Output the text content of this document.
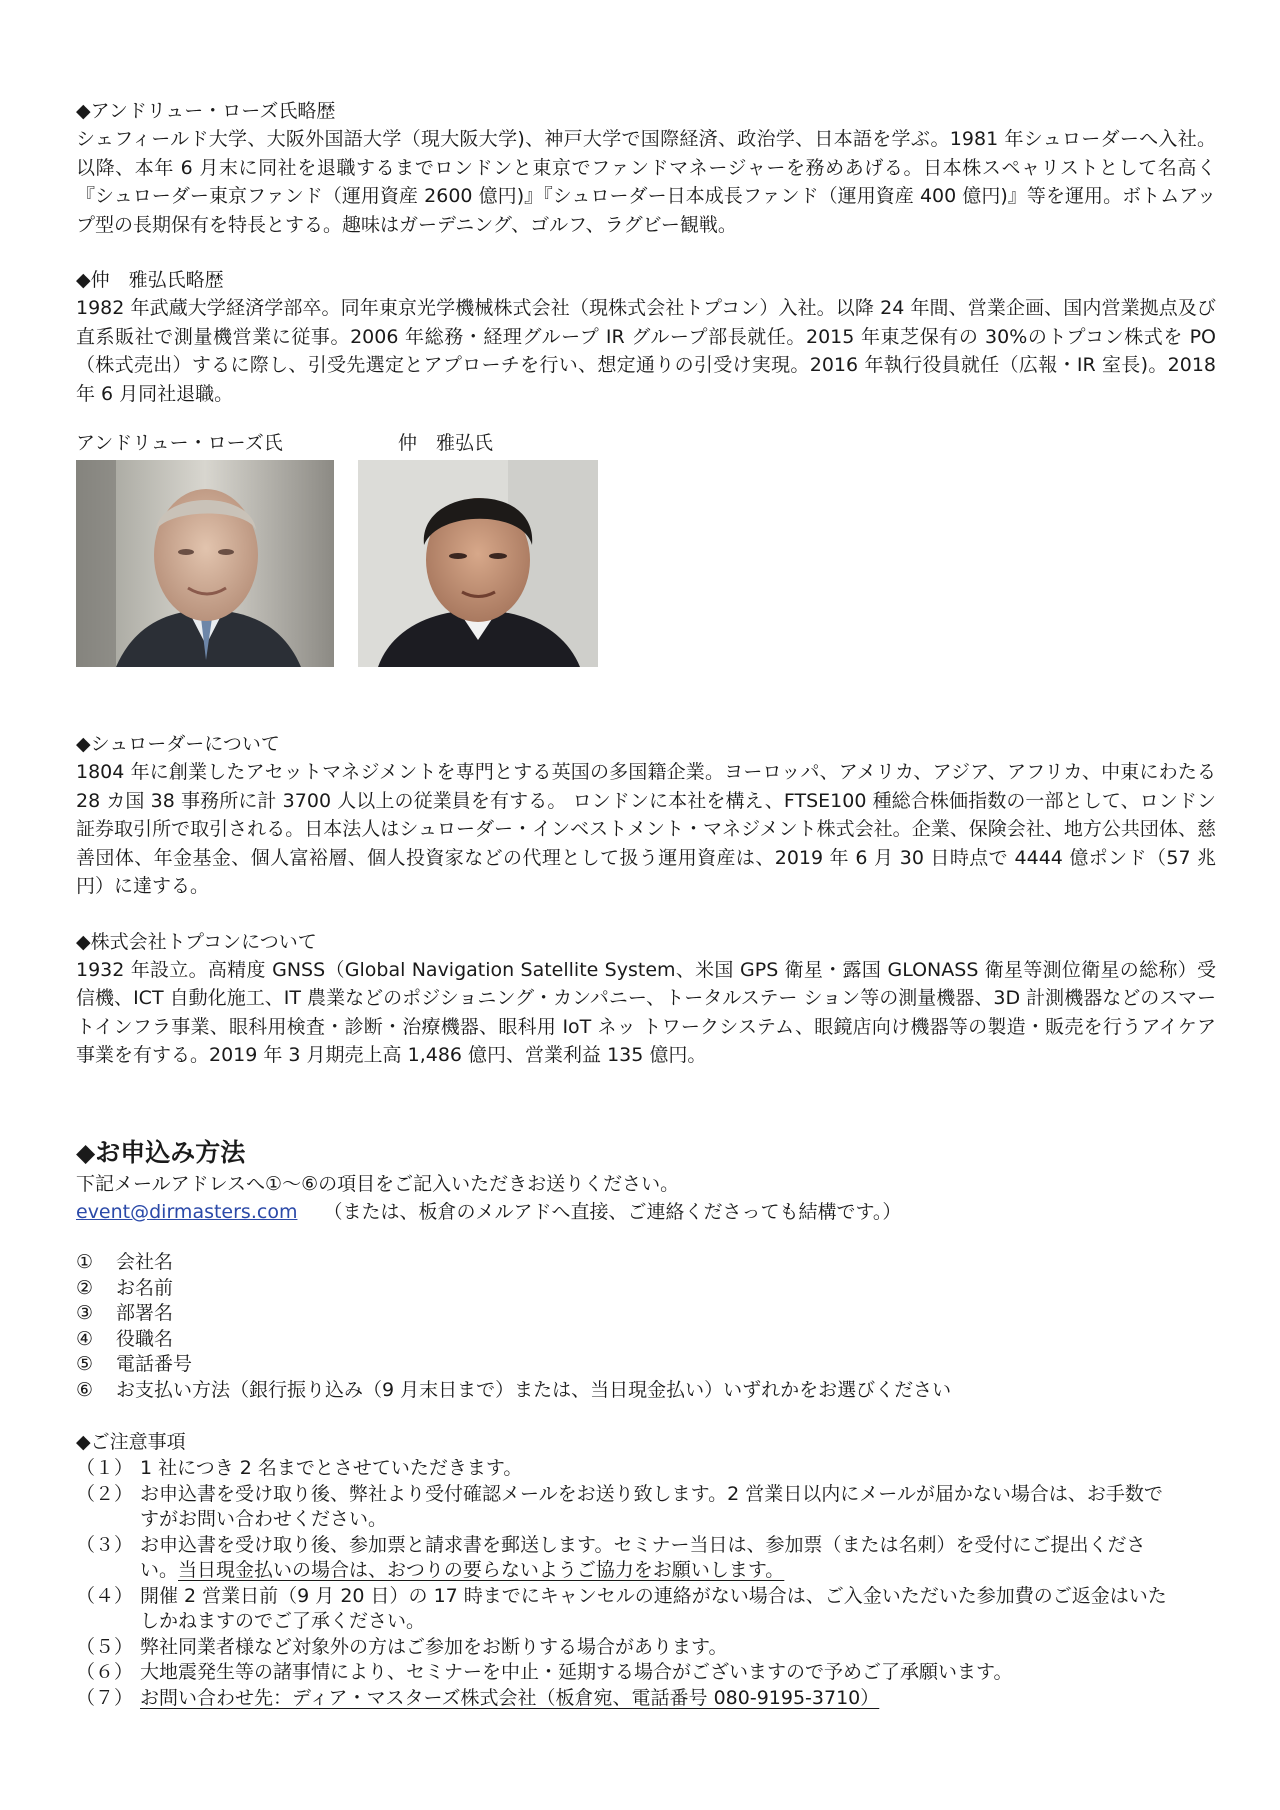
◆アンドリュー・ローズ氏略歴

シェフィールド大学、大阪外国語大学（現大阪大学)、神戸大学で国際経済、政治学、日本語を学ぶ。1981 年シュローダーへ入社。以降、本年 6 月末に同社を退職するまでロンドンと東京でファンドマネージャーを務めあげる。日本株スペャリストとして名高く『シュローダー東京ファンド（運用資産 2600 億円)』『シュローダー日本成長ファンド（運用資産 400 億円)』等を運用。ボトムアップ型の長期保有を特長とする。趣味はガーデニング、ゴルフ、ラグビー観戦。

◆仲　雅弘氏略歴

1982 年武蔵大学経済学部卒。同年東京光学機械株式会社（現株式会社トプコン）入社。以降 24 年間、営業企画、国内営業拠点及び直系販社で測量機営業に従事。2006 年総務・経理グループ IR グループ部長就任。2015 年東芝保有の 30%のトプコン株式を PO（株式売出）するに際し、引受先選定とアプローチを行い、想定通りの引受け実現。2016 年執行役員就任（広報・IR 室長)。2018 年 6 月同社退職。

アンドリュー・ローズ氏	仲　雅弘氏

◆シュローダーについて

1804 年に創業したアセットマネジメントを専門とする英国の多国籍企業。ヨーロッパ、アメリカ、アジア、アフリカ、中東にわたる 28 カ国 38 事務所に計 3700 人以上の従業員を有する。 ロンドンに本社を構え、FTSE100 種総合株価指数の一部として、ロンドン証券取引所で取引される。日本法人はシュローダー・インベストメント・マネジメント株式会社。企業、保険会社、地方公共団体、慈善団体、年金基金、個人富裕層、個人投資家などの代理として扱う運用資産は、2019 年 6 月 30 日時点で 4444 億ポンド（57 兆円）に達する。

◆株式会社トプコンについて

1932 年設立。高精度 GNSS（Global Navigation Satellite System、米国 GPS 衛星・露国 GLONASS 衛星等測位衛星の総称）受信機、ICT 自動化施工、IT 農業などのポジショニング・カンパニー、トータルステー ション等の測量機器、3D 計測機器などのスマートインフラ事業、眼科用検査・診断・治療機器、眼科用 IoT ネッ トワークシステム、眼鏡店向け機器等の製造・販売を行うアイケア事業を有する。2019 年 3 月期売上高 1,486 億円、営業利益 135 億円。

◆お申込み方法

下記メールアドレスへ①～⑥の項目をご記入いただきお送りください。

event@dirmasters.com （または、板倉のメルアドへ直接、ご連絡くださっても結構です。）
①	会社名
②	お名前
③	部署名
④	役職名
⑤	電話番号
⑥	お支払い方法（銀行振り込み（9 月末日まで）または、当日現金払い）いずれかをお選びください

◆ご注意事項

（１） 1 社につき 2 名までとさせていただきます。
（２） お申込書を受け取り後、弊社より受付確認メールをお送り致します。2 営業日以内にメールが届かない場合は、お手数ですがお問い合わせください。
（３） お申込書を受け取り後、参加票と請求書を郵送します。セミナー当日は、参加票（または名刺）を受付にご提出ください。当日現金払いの場合は、おつりの要らないようご協力をお願いします。
（４） 開催 2 営業日前（9 月 20 日）の 17 時までにキャンセルの連絡がない場合は、ご入金いただいた参加費のご返金はいたしかねますのでご了承ください。
（５） 弊社同業者様など対象外の方はご参加をお断りする場合があります。
（６） 大地震発生等の諸事情により、セミナーを中止・延期する場合がございますので予めご了承願います。
（７） お問い合わせ先：ディア・マスターズ株式会社（板倉宛、電話番号 080-9195-3710）
